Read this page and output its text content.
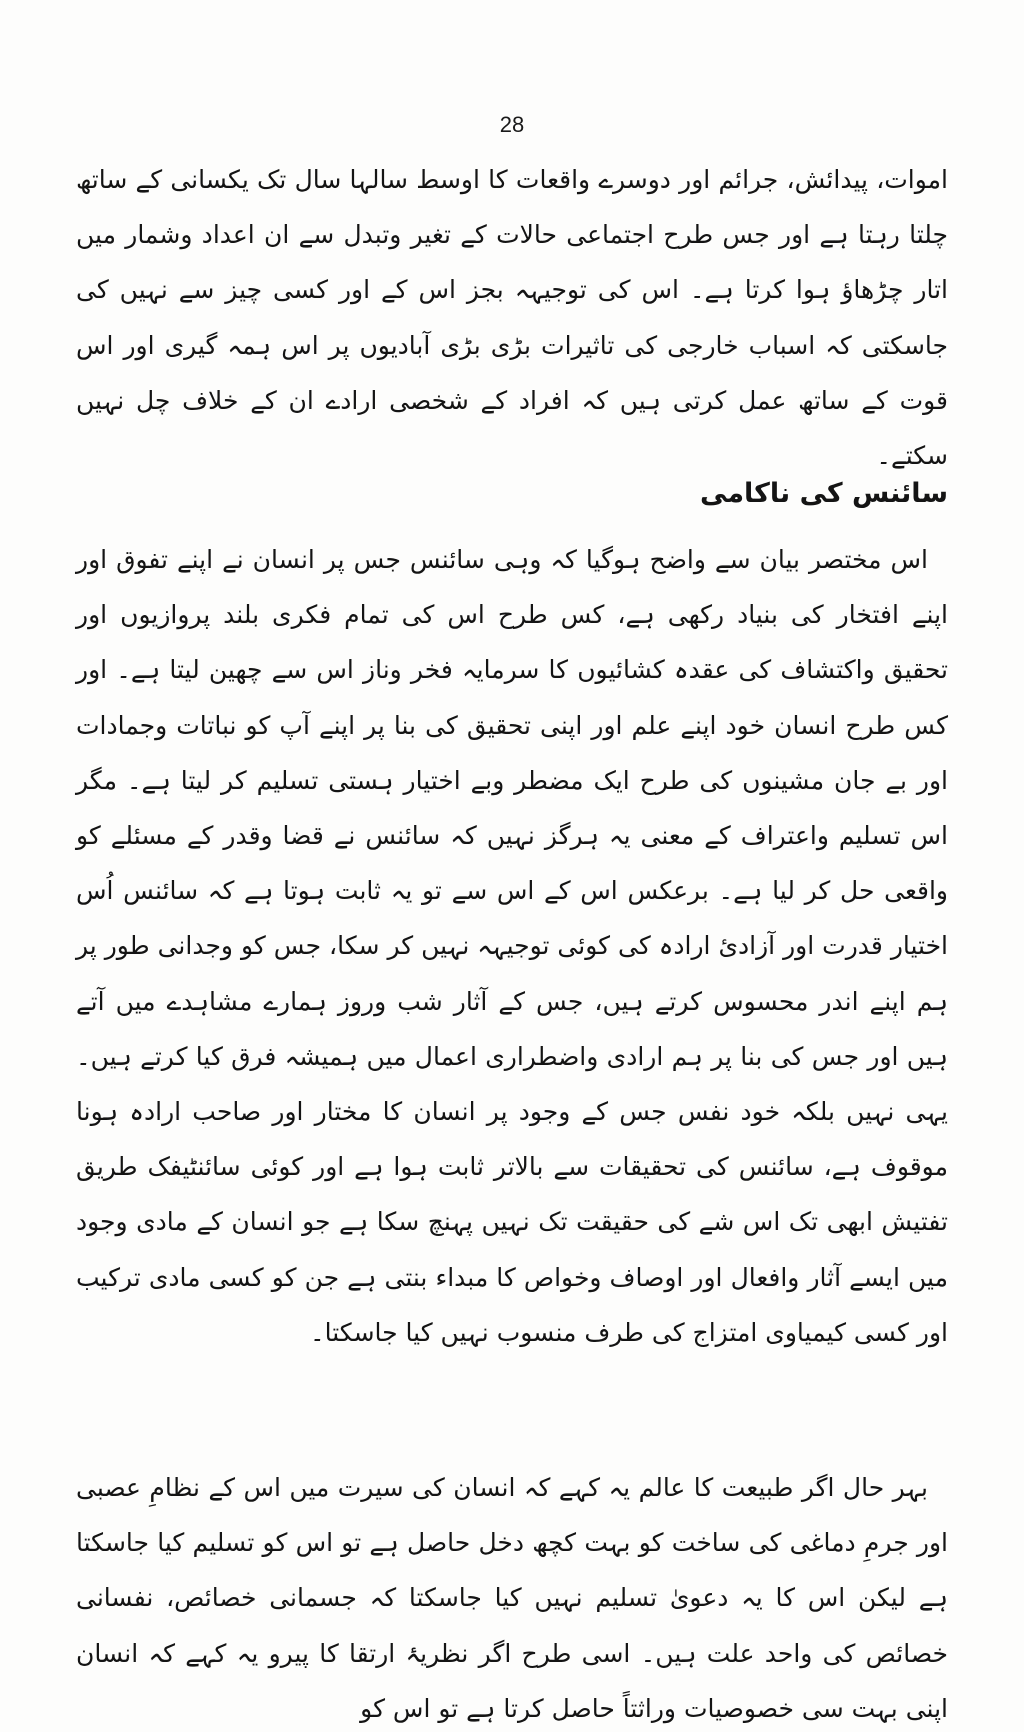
28

اموات، پیدائش، جرائم اور دوسرے واقعات کا اوسط سالہا سال تک یکسانی کے ساتھ چلتا رہتا ہے اور جس طرح اجتماعی حالات کے تغیر وتبدل سے ان اعداد وشمار میں اتار چڑھاؤ ہوا کرتا ہے۔ اس کی توجیہہ بجز اس کے اور کسی چیز سے نہیں کی جاسکتی کہ اسباب خارجی کی تاثیرات بڑی بڑی آبادیوں پر اس ہمہ گیری اور اس قوت کے ساتھ عمل کرتی ہیں کہ افراد کے شخصی ارادے ان کے خلاف چل نہیں سکتے۔

سائنس کی ناکامی

اس مختصر بیان سے واضح ہوگیا کہ وہی سائنس جس پر انسان نے اپنے تفوق اور اپنے افتخار کی بنیاد رکھی ہے، کس طرح اس کی تمام فکری بلند پروازیوں اور تحقیق واکتشاف کی عقدہ کشائیوں کا سرمایہ فخر وناز اس سے چھین لیتا ہے۔ اور کس طرح انسان خود اپنے علم اور اپنی تحقیق کی بنا پر اپنے آپ کو نباتات وجمادات اور بے جان مشینوں کی طرح ایک مضطر وبے اختیار ہستی تسلیم کر لیتا ہے۔ مگر اس تسلیم واعتراف کے معنی یہ ہرگز نہیں کہ سائنس نے قضا وقدر کے مسئلے کو واقعی حل کر لیا ہے۔ برعکس اس کے اس سے تو یہ ثابت ہوتا ہے کہ سائنس اُس اختیار قدرت اور آزادیٔ ارادہ کی کوئی توجیہہ نہیں کر سکا، جس کو وجدانی طور پر ہم اپنے اندر محسوس کرتے ہیں، جس کے آثار شب وروز ہمارے مشاہدے میں آتے ہیں اور جس کی بنا پر ہم ارادی واضطراری اعمال میں ہمیشہ فرق کیا کرتے ہیں۔ یہی نہیں بلکہ خود نفس جس کے وجود پر انسان کا مختار اور صاحب ارادہ ہونا موقوف ہے، سائنس کی تحقیقات سے بالاتر ثابت ہوا ہے اور کوئی سائنٹیفک طریق تفتیش ابھی تک اس شے کی حقیقت تک نہیں پہنچ سکا ہے جو انسان کے مادی وجود میں ایسے آثار وافعال اور اوصاف وخواص کا مبداء بنتی ہے جن کو کسی مادی ترکیب اور کسی کیمیاوی امتزاج کی طرف منسوب نہیں کیا جاسکتا۔

بہر حال اگر طبیعت کا عالم یہ کہے کہ انسان کی سیرت میں اس کے نظامِ عصبی اور جرمِ دماغی کی ساخت کو بہت کچھ دخل حاصل ہے تو اس کو تسلیم کیا جاسکتا ہے لیکن اس کا یہ دعویٰ تسلیم نہیں کیا جاسکتا کہ جسمانی خصائص، نفسانی خصائص کی واحد علت ہیں۔ اسی طرح اگر نظریۂ ارتقا کا پیرو یہ کہے کہ انسان اپنی بہت سی خصوصیات وراثتاً حاصل کرتا ہے تو اس کو
